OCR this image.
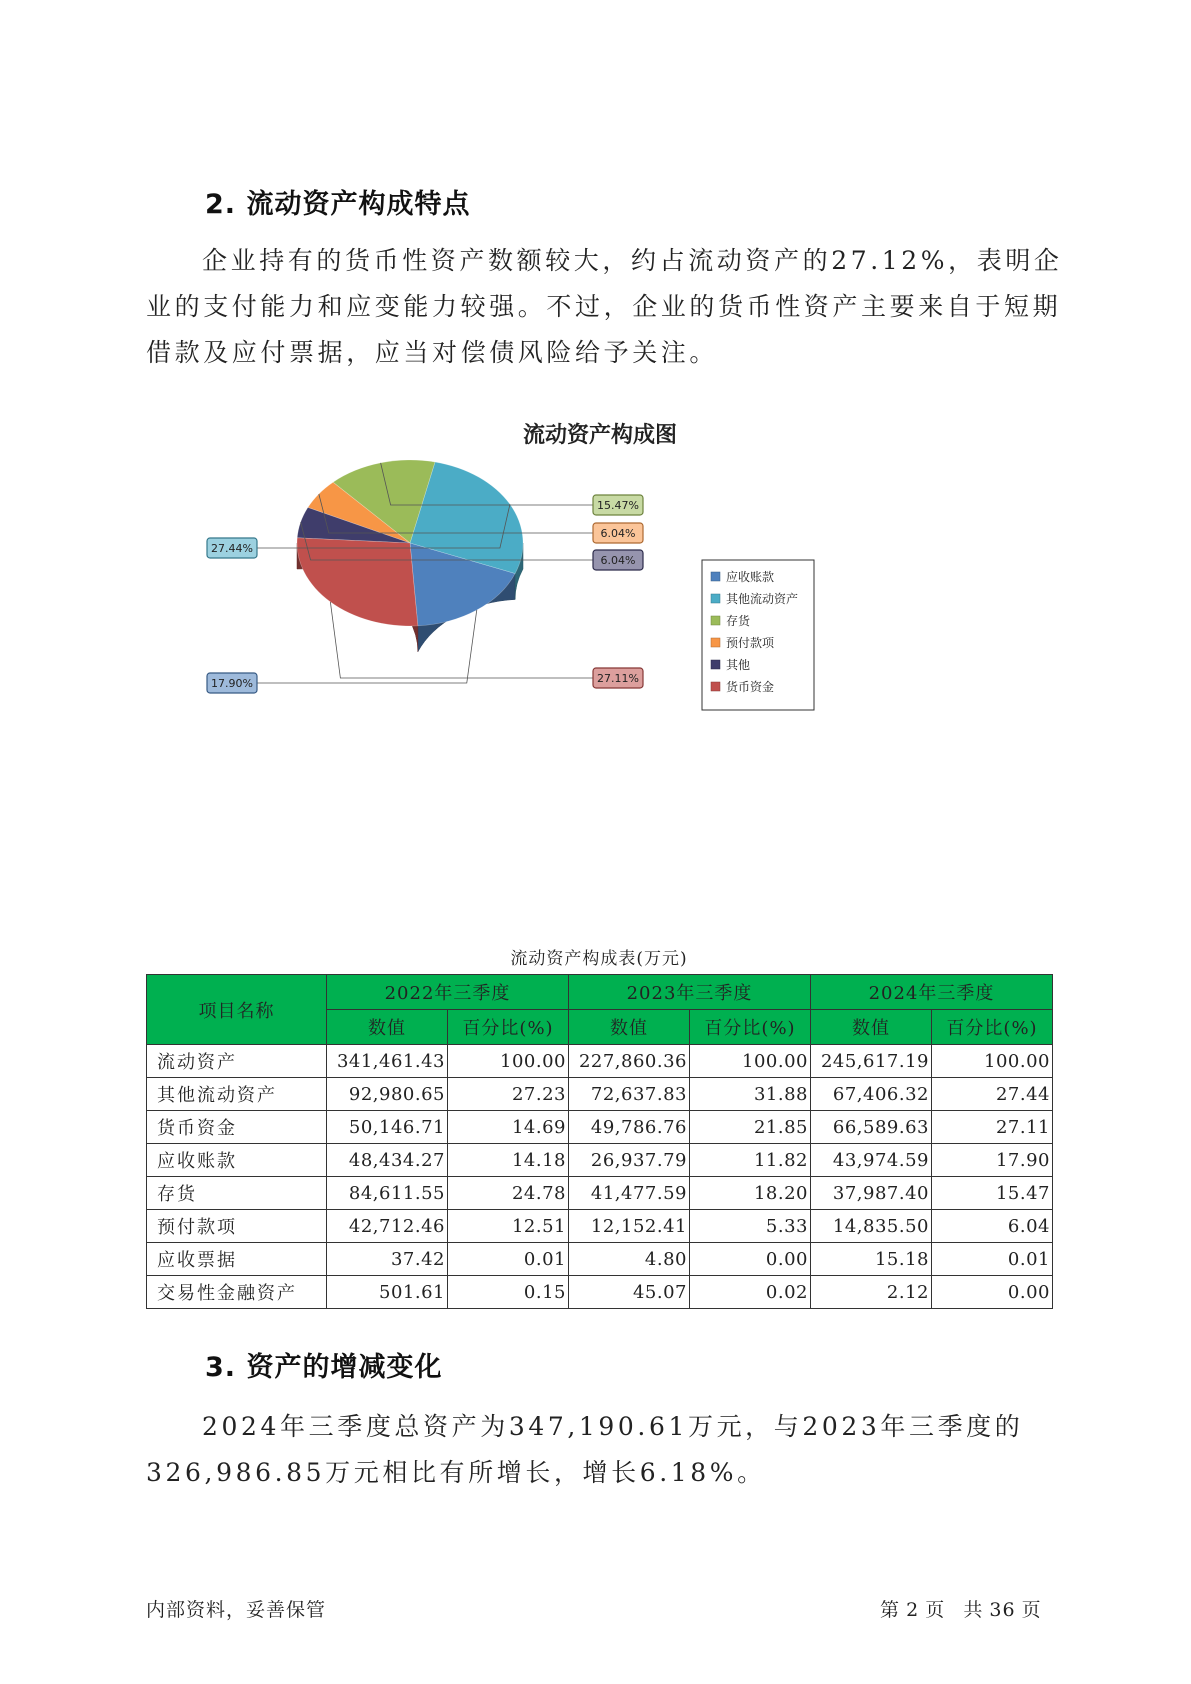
2. 流动资产构成特点

企业持有的货币性资产数额较大，约占流动资产的27.12%，表明企业的支付能力和应变能力较强。不过，企业的货币性资产主要来自于短期借款及应付票据，应当对偿债风险给予关注。

流动资产构成图
17.90%
27.44%
15.47%
6.04%
6.04%
27.11%
应收账款
其他流动资产
存货
预付款项
其他
货币资金

流动资产构成表(万元)

项目名称	2022年三季度		2023年三季度		2024年三季度	
	数值	百分比(%)	数值	百分比(%)	数值	百分比(%)
流动资产	341,461.43	100.00	227,860.36	100.00	245,617.19	100.00
其他流动资产	92,980.65	27.23	72,637.83	31.88	67,406.32	27.44
货币资金	50,146.71	14.69	49,786.76	21.85	66,589.63	27.11
应收账款	48,434.27	14.18	26,937.79	11.82	43,974.59	17.90
存货	84,611.55	24.78	41,477.59	18.20	37,987.40	15.47
预付款项	42,712.46	12.51	12,152.41	5.33	14,835.50	6.04
应收票据	37.42	0.01	4.80	0.00	15.18	0.01
交易性金融资产	501.61	0.15	45.07	0.02	2.12	0.00
3. 资产的增减变化

2024年三季度总资产为347,190.61万元，与2023年三季度的326,986.85万元相比有所增长，增长6.18%。

内部资料，妥善保管	第 2 页 共 36 页
